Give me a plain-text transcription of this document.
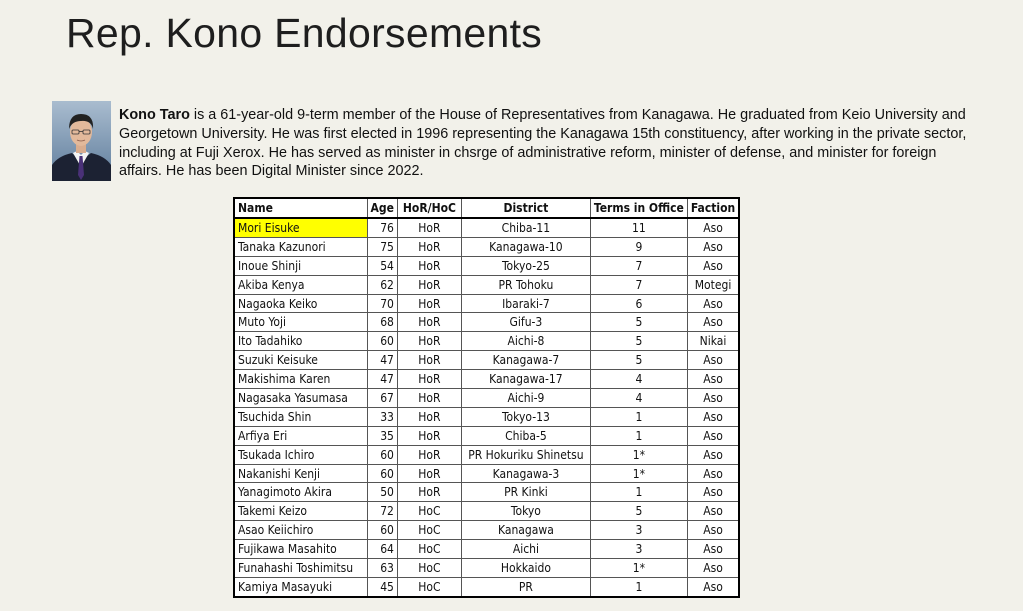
Rep. Kono Endorsements

Kono Taro is a 61-year-old 9-term member of the House of Representatives from Kanagawa. He graduated from Keio University and Georgetown University. He was first elected in 1996 representing the Kanagawa 15th constituency, after working in the private sector, including at Fuji Xerox. He has served as minister in chsrge of administrative reform, minister of defense, and minister for foreign affairs. He has been Digital Minister since 2022.

Name	Age	HoR/HoC	District	Terms in Office	Faction
Mori Eisuke	76	HoR	Chiba-11	11	Aso
Tanaka Kazunori	75	HoR	Kanagawa-10	9	Aso
Inoue Shinji	54	HoR	Tokyo-25	7	Aso
Akiba Kenya	62	HoR	PR Tohoku	7	Motegi
Nagaoka Keiko	70	HoR	Ibaraki-7	6	Aso
Muto Yoji	68	HoR	Gifu-3	5	Aso
Ito Tadahiko	60	HoR	Aichi-8	5	Nikai
Suzuki Keisuke	47	HoR	Kanagawa-7	5	Aso
Makishima Karen	47	HoR	Kanagawa-17	4	Aso
Nagasaka Yasumasa	67	HoR	Aichi-9	4	Aso
Tsuchida Shin	33	HoR	Tokyo-13	1	Aso
Arfiya Eri	35	HoR	Chiba-5	1	Aso
Tsukada Ichiro	60	HoR	PR Hokuriku Shinetsu	1*	Aso
Nakanishi Kenji	60	HoR	Kanagawa-3	1*	Aso
Yanagimoto Akira	50	HoR	PR Kinki	1	Aso
Takemi Keizo	72	HoC	Tokyo	5	Aso
Asao Keiichiro	60	HoC	Kanagawa	3	Aso
Fujikawa Masahito	64	HoC	Aichi	3	Aso
Funahashi Toshimitsu	63	HoC	Hokkaido	1*	Aso
Kamiya Masayuki	45	HoC	PR	1	Aso
